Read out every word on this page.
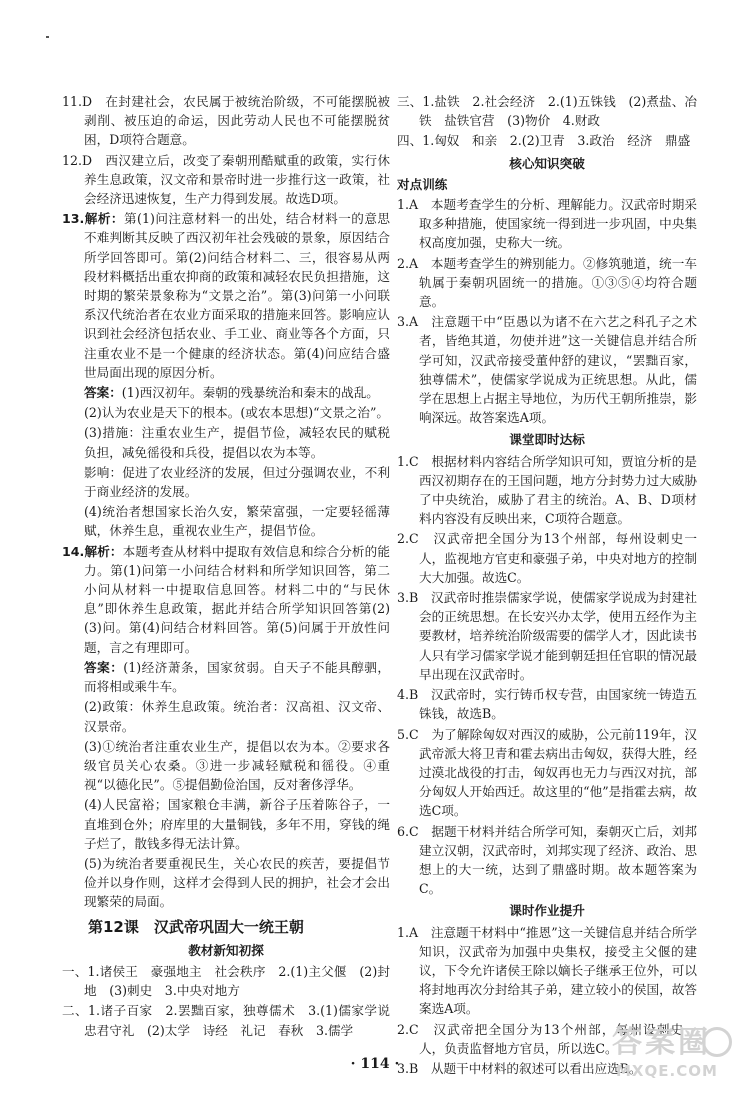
11.D　在封建社会，农民属于被统治阶级，不可能摆脱被剥削、被压迫的命运，因此劳动人民也不可能摆脱贫困，D项符合题意。

12.D　西汉建立后，改变了秦朝刑酷赋重的政策，实行休养生息政策，汉文帝和景帝时进一步推行这一政策，社会经济迅速恢复，生产力得到发展。故选D项。

13.解析：第(1)问注意材料一的出处，结合材料一的意思不难判断其反映了西汉初年社会残破的景象，原因结合所学回答即可。第(2)问结合材料二、三，很容易从两段材料概括出重农抑商的政策和减轻农民负担措施，这时期的繁荣景象称为“文景之治”。第(3)问第一小问联系汉代统治者在农业方面采取的措施来回答。影响应认识到社会经济包括农业、手工业、商业等各个方面，只注重农业不是一个健康的经济状态。第(4)问应结合盛世局面出现的原因分析。

答案：(1)西汉初年。秦朝的残暴统治和秦末的战乱。

(2)认为农业是天下的根本。(或农本思想)“文景之治”。

(3)措施：注重农业生产，提倡节俭，减轻农民的赋税负担，减免徭役和兵役，提倡以农为本等。

影响：促进了农业经济的发展，但过分强调农业，不利于商业经济的发展。

(4)统治者想国家长治久安，繁荣富强，一定要轻徭薄赋，休养生息，重视农业生产，提倡节俭。

14.解析：本题考查从材料中提取有效信息和综合分析的能力。第(1)问第一小问结合材料和所学知识回答，第二小问从材料一中提取信息回答。材料二中的“与民休息”即休养生息政策，据此并结合所学知识回答第(2)(3)问。第(4)问结合材料回答。第(5)问属于开放性问题，言之有理即可。

答案：(1)经济萧条，国家贫弱。自天子不能具醇驷，而将相或乘牛车。

(2)政策：休养生息政策。统治者：汉高祖、汉文帝、汉景帝。

(3)①统治者注重农业生产，提倡以农为本。②要求各级官员关心农桑。③进一步减轻赋税和徭役。④重视“以德化民”。⑤提倡勤俭治国，反对奢侈浮华。

(4)人民富裕；国家粮仓丰满，新谷子压着陈谷子，一直堆到仓外；府库里的大量铜钱，多年不用，穿钱的绳子烂了，散钱多得无法计算。

(5)为统治者要重视民生，关心农民的疾苦，要提倡节俭并以身作则，这样才会得到人民的拥护，社会才会出现繁荣的局面。

第12课　汉武帝巩固大一统王朝
教材新知初探

一、1.诸侯王　豪强地主　社会秩序　2.(1)主父偃　(2)封地　(3)刺史　3.中央对地方

二、1.诸子百家　2.罢黜百家，独尊儒术　3.(1)儒家学说　忠君守礼　(2)太学　诗经　礼记　春秋　3.儒学

三、1.盐铁　2.社会经济　2.(1)五铢钱　(2)煮盐、冶铁　盐铁官营　(3)物价　4.财政

四、1.匈奴　和亲　2.(2)卫青　3.政治　经济　鼎盛

核心知识突破
对点训练

1.A　本题考查学生的分析、理解能力。汉武帝时期采取多种措施，使国家统一得到进一步巩固，中央集权高度加强，史称大一统。

2.A　本题考查学生的辨别能力。②修筑驰道，统一车轨属于秦朝巩固统一的措施。①③⑤④均符合题意。

3.A　注意题干中“臣愚以为诸不在六艺之科孔子之术者，皆绝其道，勿使并进”这一关键信息并结合所学可知，汉武帝接受董仲舒的建议，“罢黜百家，独尊儒术”，使儒家学说成为正统思想。从此，儒学在思想上占据主导地位，为历代王朝所推崇，影响深远。故答案选A项。

课堂即时达标

1.C　根据材料内容结合所学知识可知，贾谊分析的是西汉初期存在的王国问题，地方分封势力过大威胁了中央统治，威胁了君主的统治。A、B、D项材料内容没有反映出来，C项符合题意。

2.C　汉武帝把全国分为13个州部，每州设刺史一人，监视地方官吏和豪强子弟，中央对地方的控制大大加强。故选C。

3.B　汉武帝时推崇儒家学说，使儒家学说成为封建社会的正统思想。在长安兴办太学，使用五经作为主要教材，培养统治阶级需要的儒学人才，因此读书人只有学习儒家学说才能到朝廷担任官职的情况最早出现在汉武帝时。

4.B　汉武帝时，实行铸币权专营，由国家统一铸造五铢钱，故选B。

5.C　为了解除匈奴对西汉的威胁，公元前119年，汉武帝派大将卫青和霍去病出击匈奴，获得大胜，经过漠北战役的打击，匈奴再也无力与西汉对抗，部分匈奴人开始西迁。故这里的“他”是指霍去病，故选C项。

6.C　据题干材料并结合所学可知，秦朝灭亡后，刘邦建立汉朝，汉武帝时，刘邦实现了经济、政治、思想上的大一统，达到了鼎盛时期。故本题答案为C。

课时作业提升

1.A　注意题干材料中“推恩”这一关键信息并结合所学知识，汉武帝为加强中央集权，接受主父偃的建议，下令允许诸侯王除以嫡长子继承王位外，可以将封地再次分封给其子弟，建立较小的侯国，故答案选A项。

2.C　汉武帝把全国分为13个州部，每州设刺史一人，负责监督地方官员，所以选C。

3.B　从题干中材料的叙述可以看出应选B。

· 114 ·
答案圈
MXQE.COM
